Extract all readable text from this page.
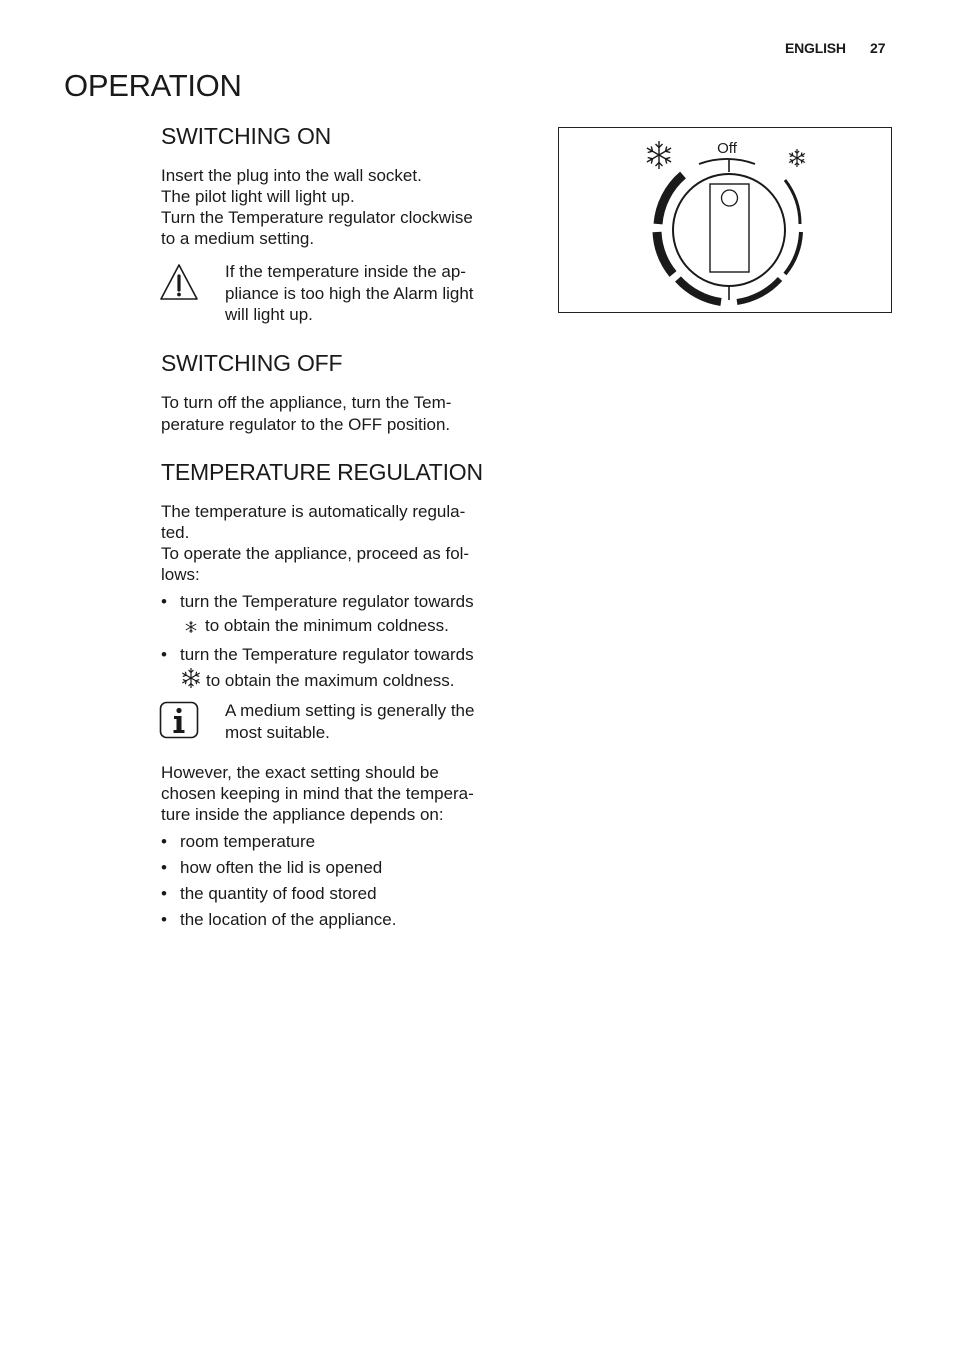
ENGLISH 27
OPERATION
SWITCHING ON
Insert the plug into the wall socket.
The pilot light will light up.
Turn the Temperature regulator clockwise
to a medium setting.
If the temperature inside the ap-
pliance is too high the Alarm light
will light up.
SWITCHING OFF
To turn off the appliance, turn the Tem-
perature regulator to the OFF position.
TEMPERATURE REGULATION
The temperature is automatically regula-
ted.
To operate the appliance, proceed as fol-
lows:
• turn the Temperature regulator towards
to obtain the minimum coldness.
• turn the Temperature regulator towards
to obtain the maximum coldness.
A medium setting is generally the
most suitable.
However, the exact setting should be
chosen keeping in mind that the tempera-
ture inside the appliance depends on:
• room temperature
• how often the lid is opened
• the quantity of food stored
• the location of the appliance.
Off
